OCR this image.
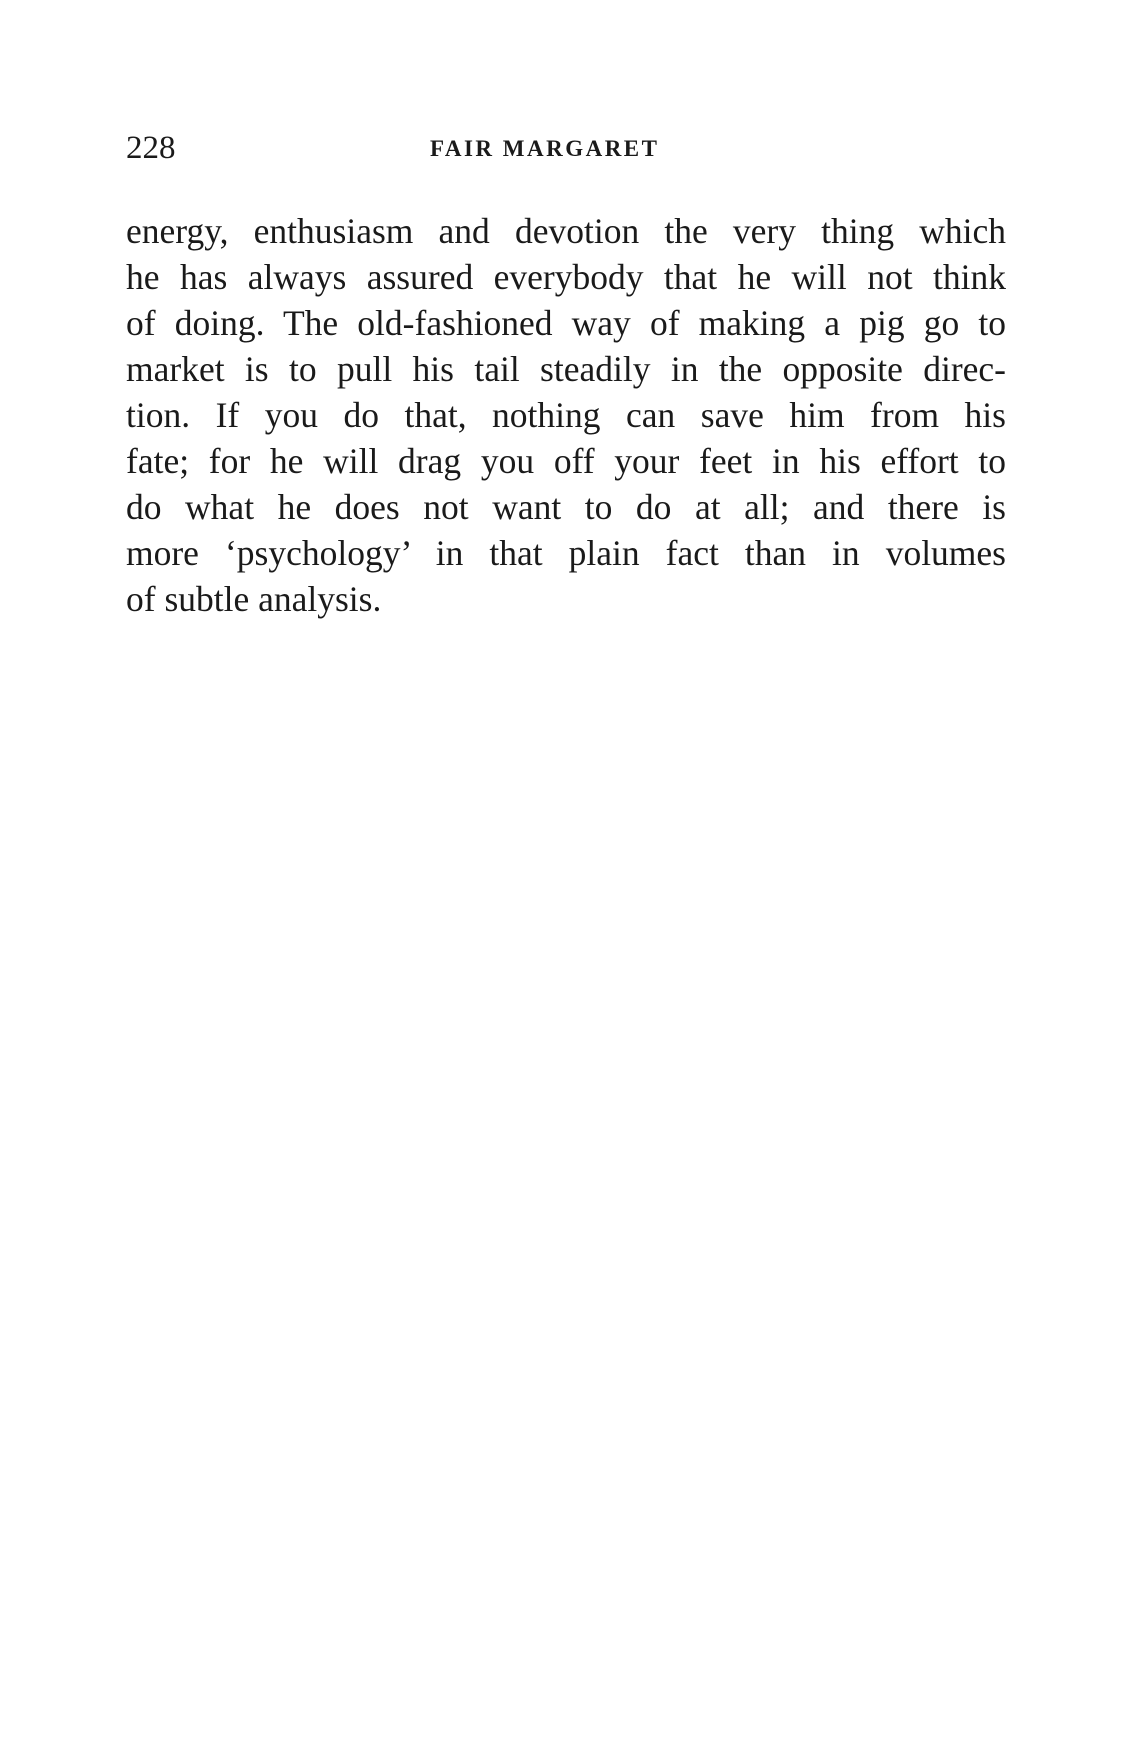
228	FAIR MARGARET
energy, enthusiasm and devotion the very thing which
he has always assured everybody that he will not think
of doing. The old-fashioned way of making a pig go to
market is to pull his tail steadily in the opposite direc-
tion. If you do that, nothing can save him from his
fate; for he will drag you off your feet in his effort to
do what he does not want to do at all; and there is
more ‘psychology’ in that plain fact than in volumes
of subtle analysis.
